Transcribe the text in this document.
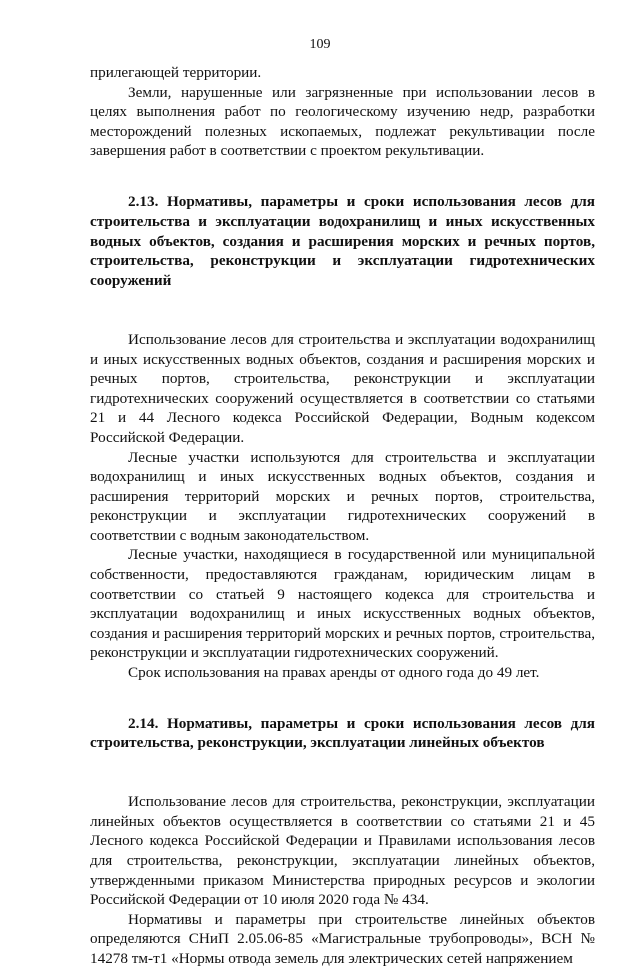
109

прилегающей территории.

Земли, нарушенные или загрязненные при использовании лесов в целях выполнения работ по геологическому изучению недр, разработки месторождений полезных ископаемых, подлежат рекультивации после завершения работ в соответствии с проектом рекультивации.

2.13. Нормативы, параметры и сроки использования лесов для строительства и эксплуатации водохранилищ и иных искусственных водных объектов, создания и расширения морских и речных портов, строительства, реконструкции и эксплуатации гидротехнических сооружений

Использование лесов для строительства и эксплуатации водохранилищ и иных искусственных водных объектов, создания и расширения морских и речных портов, строительства, реконструкции и эксплуатации гидротехнических сооружений осуществляется в соответствии со статьями 21 и 44 Лесного кодекса Российской Федерации, Водным кодексом Российской Федерации.

Лесные участки используются для строительства и эксплуатации водохранилищ и иных искусственных водных объектов, создания и расширения территорий морских и речных портов, строительства, реконструкции и эксплуатации гидротехнических сооружений в соответствии с водным законодательством.

Лесные участки, находящиеся в государственной или муниципальной собственности, предоставляются гражданам, юридическим лицам в соответствии со статьей 9 настоящего кодекса для строительства и эксплуатации водохранилищ и иных искусственных водных объектов, создания и расширения территорий морских и речных портов, строительства, реконструкции и эксплуатации гидротехнических сооружений.

Срок использования на правах аренды от одного года до 49 лет.

2.14. Нормативы, параметры и сроки использования лесов для строительства, реконструкции, эксплуатации линейных объектов

Использование лесов для строительства, реконструкции, эксплуатации линейных объектов осуществляется в соответствии со статьями 21 и 45 Лесного кодекса Российской Федерации и Правилами использования лесов для строительства, реконструкции, эксплуатации линейных объектов, утвержденными приказом Министерства природных ресурсов и экологии Российской Федерации от 10 июля 2020 года № 434.

Нормативы и параметры при строительстве линейных объектов определяются СНиП 2.05.06-85 «Магистральные трубопроводы», ВСН № 14278 тм-т1 «Нормы отвода земель для электрических сетей напряжением
